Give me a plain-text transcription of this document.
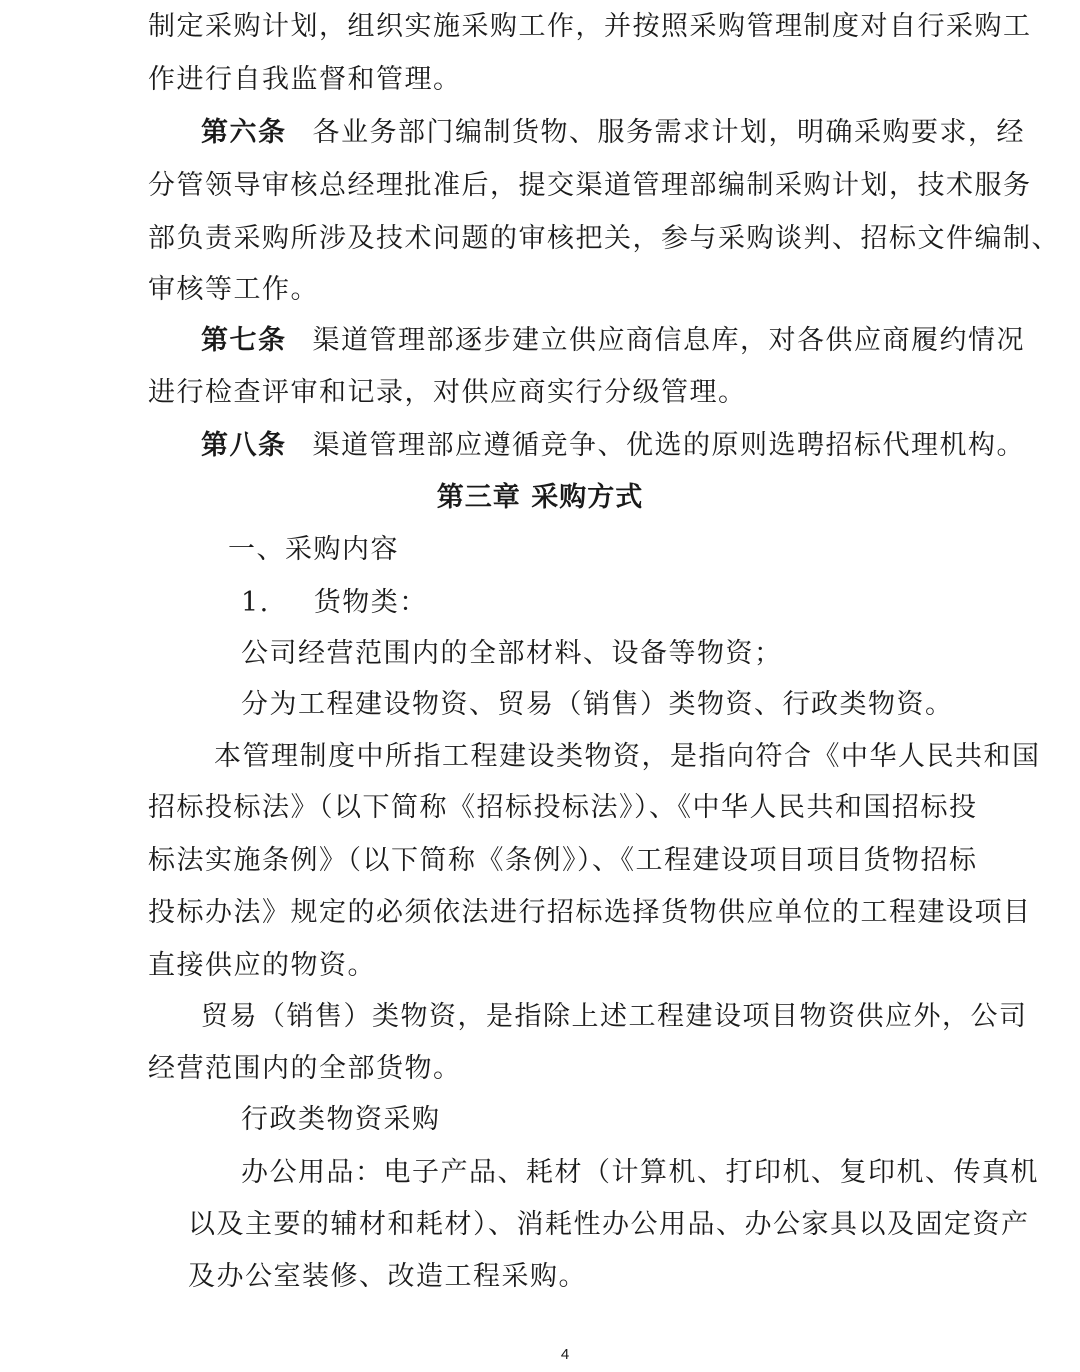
制定采购计划，组织实施采购工作，并按照采购管理制度对自行采购工
作进行自我监督和管理。
第六条 各业务部门编制货物、服务需求计划，明确采购要求，经
分管领导审核总经理批准后，提交渠道管理部编制采购计划，技术服务
部负责采购所涉及技术问题的审核把关，参与采购谈判、招标文件编制、
审核等工作。
第七条 渠道管理部逐步建立供应商信息库，对各供应商履约情况
进行检查评审和记录，对供应商实行分级管理。
第八条 渠道管理部应遵循竞争、优选的原则选聘招标代理机构。
第三章 采购方式
一、采购内容
1. 货物类：
公司经营范围内的全部材料、设备等物资；
分为工程建设物资、贸易（销售）类物资、行政类物资。
本管理制度中所指工程建设类物资，是指向符合《中华人民共和国
招标投标法》（以下简称《招标投标法》）、《中华人民共和国招标投
标法实施条例》（以下简称《条例》）、《工程建设项目项目货物招标
投标办法》规定的必须依法进行招标选择货物供应单位的工程建设项目
直接供应的物资。
贸易（销售）类物资，是指除上述工程建设项目物资供应外，公司
经营范围内的全部货物。
行政类物资采购
办公用品：电子产品、耗材（计算机、打印机、复印机、传真机
以及主要的辅材和耗材）、消耗性办公用品、办公家具以及固定资产
及办公室装修、改造工程采购。
4
